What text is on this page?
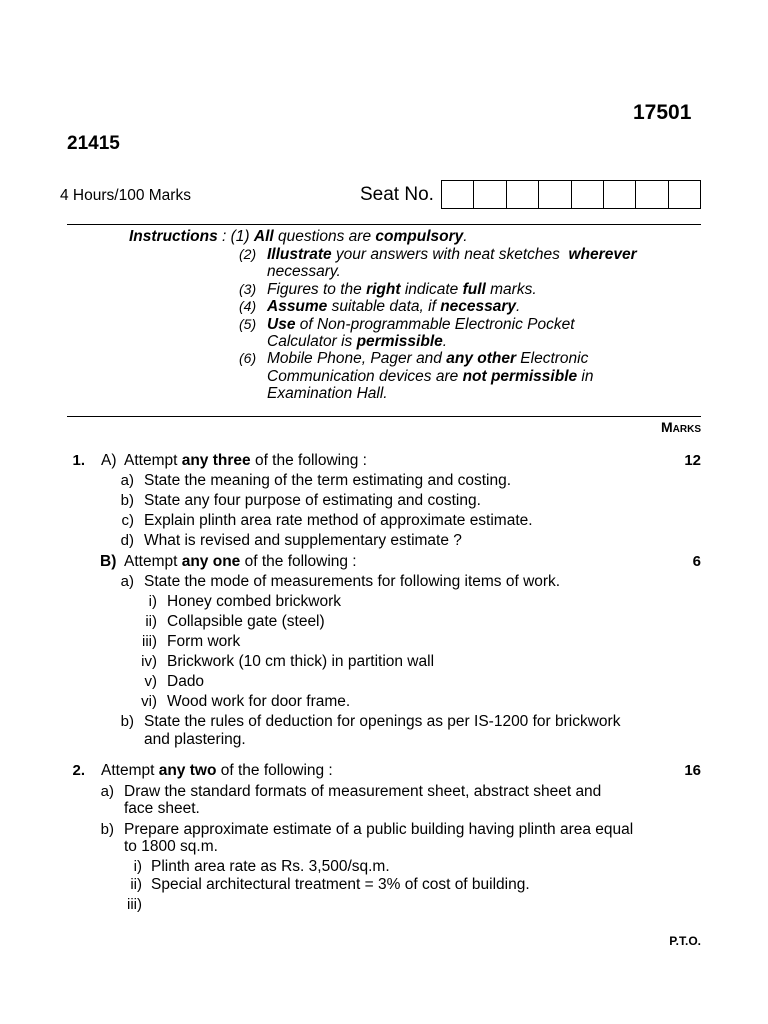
17501
21415
4 Hours/100 Marks	Seat No.
Instructions : (1) All questions are compulsory.
(2) Illustrate your answers with neat sketches  wherever
necessary.
(3) Figures to the right indicate full marks.
(4) Assume suitable data, if necessary.
(5) Use of Non-programmable Electronic Pocket
Calculator is permissible.
(6) Mobile Phone, Pager and any other Electronic
Communication devices are not permissible in
Examination Hall.
Marks
1. A) Attempt any three of the following :	12
a) State the meaning of the term estimating and costing.
b) State any four purpose of estimating and costing.
c) Explain plinth area rate method of approximate estimate.
d) What is revised and supplementary estimate ?
B) Attempt any one of the following :	6
a) State the mode of measurements for following items of work.
i) Honey combed brickwork
ii) Collapsible gate (steel)
iii) Form work
iv) Brickwork (10 cm thick) in partition wall
v) Dado
vi) Wood work for door frame.
b) State the rules of deduction for openings as per IS-1200 for brickwork
and plastering.
2. Attempt any two of the following :	16
a) Draw the standard formats of measurement sheet, abstract sheet and
face sheet.
b) Prepare approximate estimate of a public building having plinth area equal
to 1800 sq.m.
i) Plinth area rate as Rs. 3,500/sq.m.
ii) Special architectural treatment = 3% of cost of building.
iii)
P.T.O.
